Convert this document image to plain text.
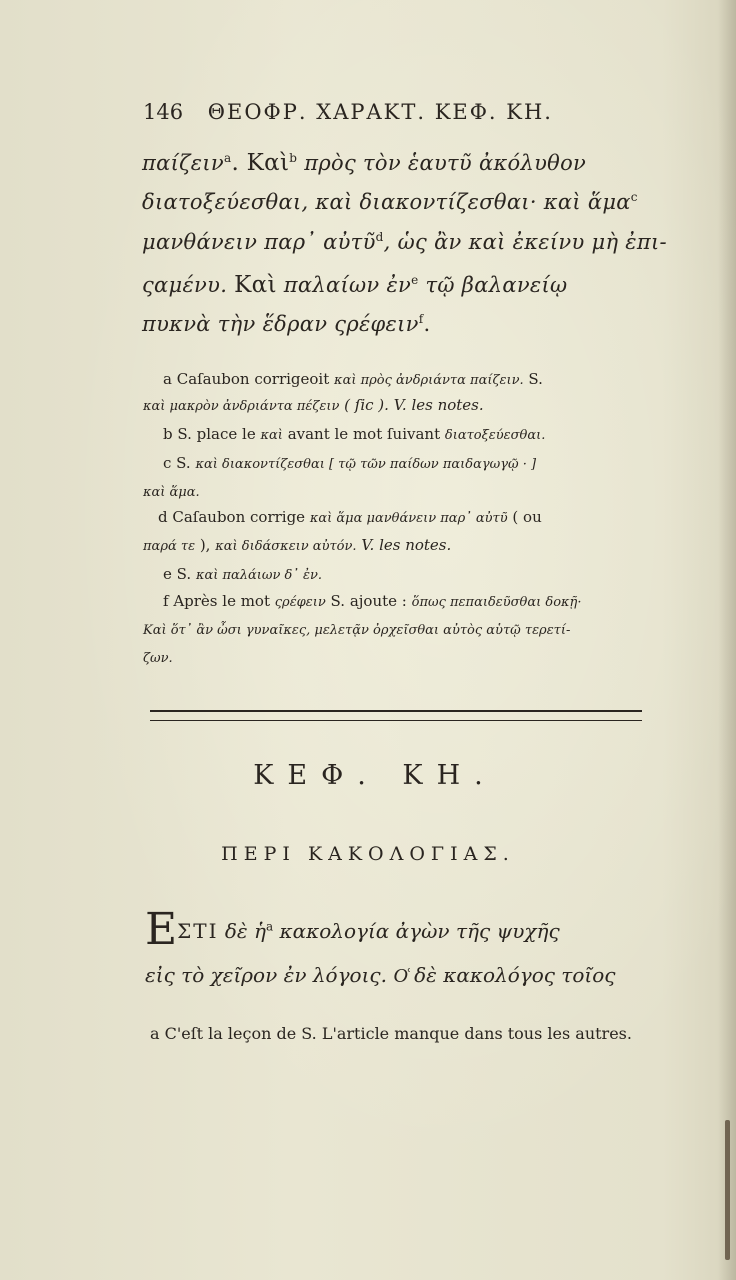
146 ΘΕΟΦΡ. ΧΑΡΑΚΤ. ΚΕΦ. ΚΗ.
παίζειν$^a$. Καὶ$^b$ πρὸς τὸν ἑαυτῦ ἀκόλυθον
διατοξεύεσθαι, καὶ διακοντίζεσθαι· καὶ ἅμα$^c$
μανθάνειν παρ᾿ αὐτῦ$^d$, ὡς ἂν καὶ ἐκείνυ μὴ ἐπι-
ςαμένυ. Καὶ παλαίων ἐν$^e$ τῷ βαλανείῳ
πυκνὰ τὴν ἕδραν ςρέφειν$^f$.
a Caſaubon corrigeoit καὶ πρὸς ἀνδριάντα παίζειν. S.
καὶ μακρὸν ἀνδριάντα πέζειν ( ſic ). V. les notes.
b S. place le καὶ avant le mot ſuivant διατοξεύεσθαι.
c S. καὶ διακοντίζεσθαι [ τῷ τῶν παίδων παιδαγωγῷ · ]
καὶ ἅμα.
d Caſaubon corrige καὶ ἅμα μανθάνειν παρ᾿ αὐτῦ ( ou
παρά τε ), καὶ διδάσκειν αὐτόν. V. les notes.
e S. καὶ παλάιων δ᾿ ἐν.
f Après le mot ςρέφειν S. ajoute : ὅπως πεπαιδεῦσθαι δοκῇ·
Καὶ ὅτ᾿ ἂν ὦσι γυναῖκες, μελετᾷν ὀρχεῖσθαι αὐτὸς αὑτῷ τερετί-
ζων.
ΚΕΦ. ΚΗ.
ΠΕΡΙ ΚΑΚΟΛΟΓΙΑΣ.
ΕΣΤΙ δὲ ἡ$^a$ κακολογία ἀγὼν τῆς ψυχῆς
εἰς τὸ χεῖρον ἐν λόγοις. Ο͑ δὲ κακολόγος τοῖος
a C'eſt la leçon de S. L'article manque dans tous les autres.
